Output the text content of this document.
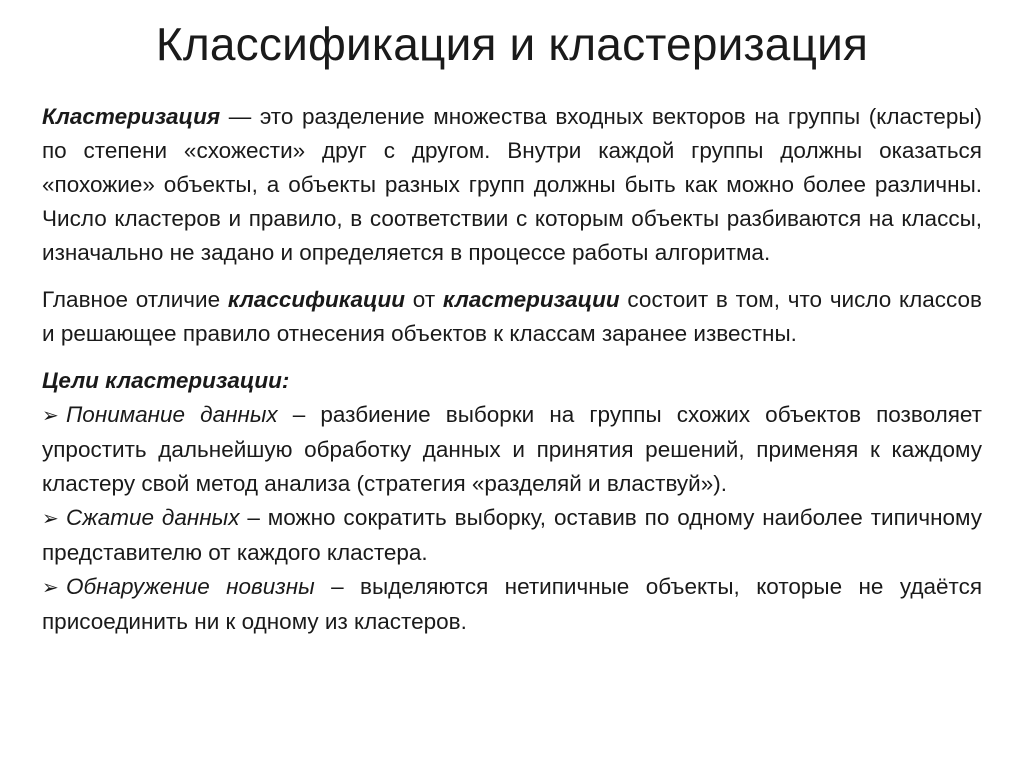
Классификация и кластеризация

Кластеризация — это разделение множества входных векторов на группы (кластеры) по степени «схожести» друг с другом. Внутри каждой группы должны оказаться «похожие» объекты, а объекты разных групп должны быть как можно более различны. Число кластеров и правило, в соответствии с которым объекты разбиваются на классы, изначально не задано и определяется в процессе работы алгоритма.

Главное отличие классификации от кластеризации состоит в том, что число классов и решающее правило отнесения объектов к классам заранее известны.

Цели кластеризации:

➢ Понимание данных – разбиение выборки на группы схожих объектов позволяет упростить дальнейшую обработку данных и принятия решений, применяя к каждому кластеру свой метод анализа (стратегия «разделяй и властвуй»).

➢ Сжатие данных – можно сократить выборку, оставив по одному наиболее типичному представителю от каждого кластера.

➢ Обнаружение новизны – выделяются нетипичные объекты, которые не удаётся присоединить ни к одному из кластеров.
